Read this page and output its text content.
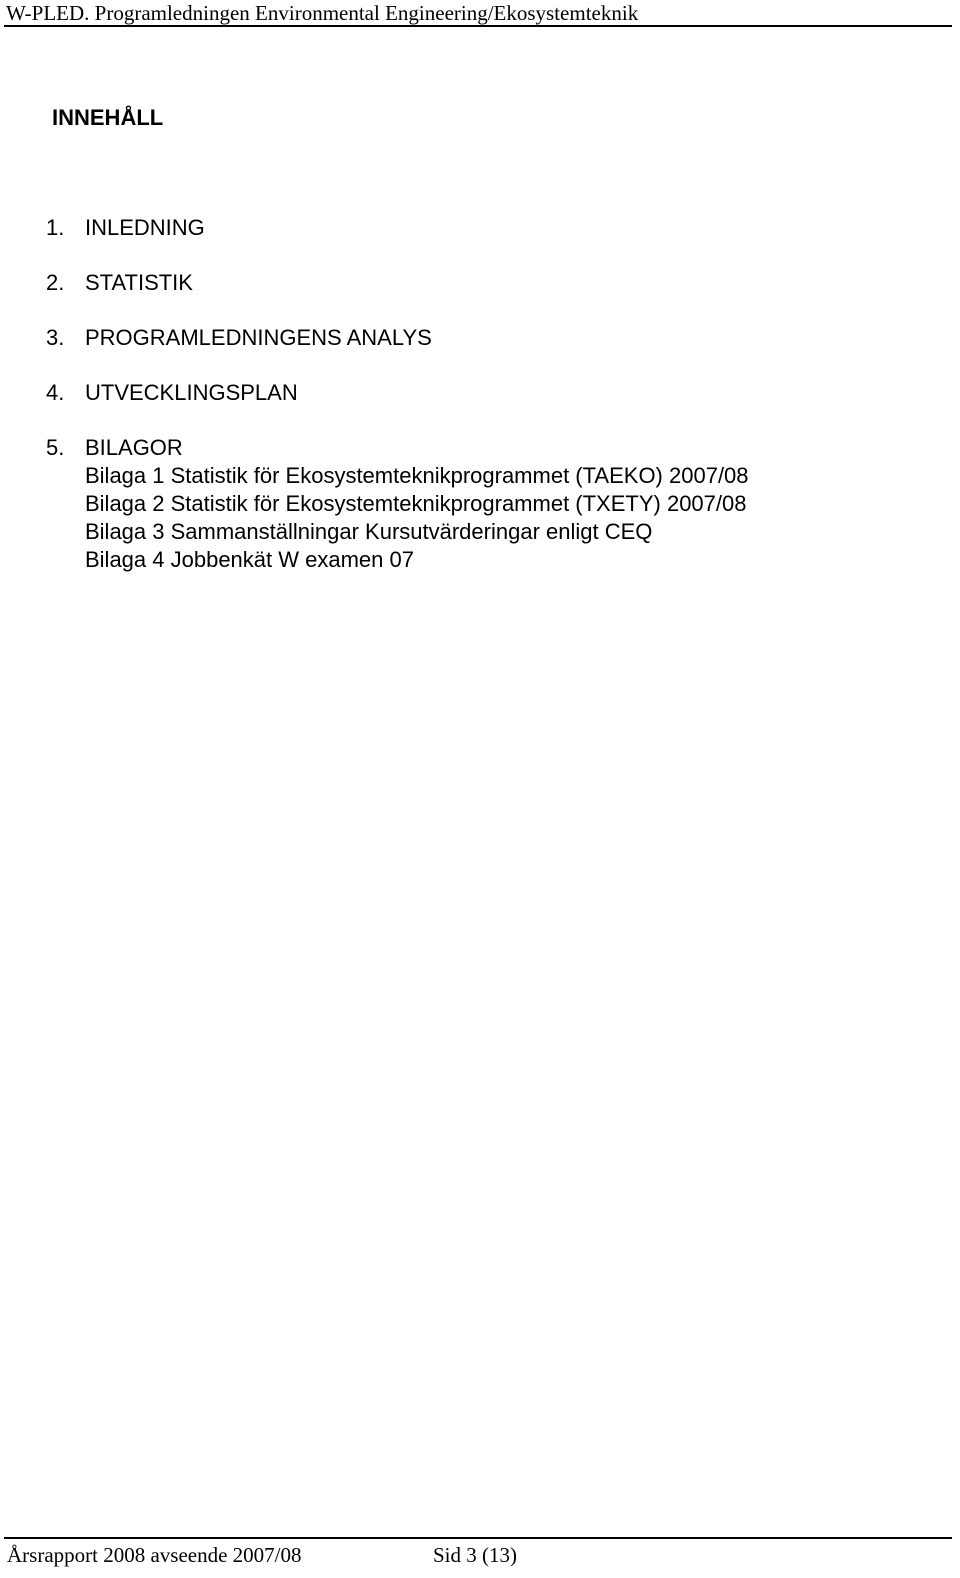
W-PLED. Programledningen Environmental Engineering/Ekosystemteknik
INNEHÅLL
1. INLEDNING
2. STATISTIK
3. PROGRAMLEDNINGENS ANALYS
4. UTVECKLINGSPLAN
5. BILAGOR
Bilaga 1 Statistik för Ekosystemteknikprogrammet (TAEKO) 2007/08
Bilaga 2 Statistik för Ekosystemteknikprogrammet (TXETY) 2007/08
Bilaga 3 Sammanställningar Kursutvärderingar enligt CEQ
Bilaga 4 Jobbenkät W examen 07
Årsrapport 2008 avseende 2007/08	Sid 3 (13)
